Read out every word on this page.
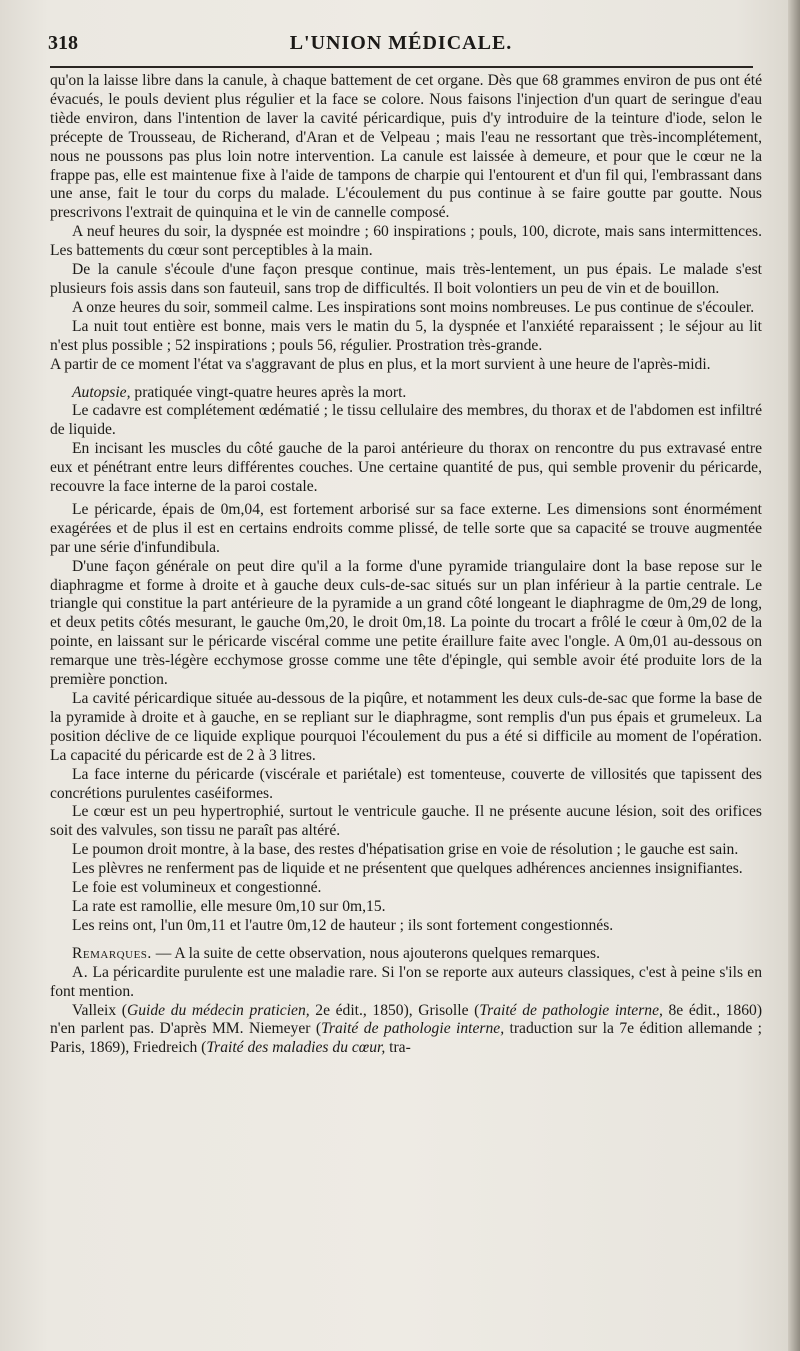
318	L'UNION MÉDICALE.

qu'on la laisse libre dans la canule, à chaque battement de cet organe. Dès que 68 grammes environ de pus ont été évacués, le pouls devient plus régulier et la face se colore. Nous faisons l'injection d'un quart de seringue d'eau tiède environ, dans l'intention de laver la cavité péricardique, puis d'y introduire de la teinture d'iode, selon le précepte de Trousseau, de Richerand, d'Aran et de Velpeau ; mais l'eau ne ressortant que très-incomplétement, nous ne poussons pas plus loin notre intervention. La canule est laissée à demeure, et pour que le cœur ne la frappe pas, elle est maintenue fixe à l'aide de tampons de charpie qui l'entourent et d'un fil qui, l'embrassant dans une anse, fait le tour du corps du malade. L'écoulement du pus continue à se faire goutte par goutte. Nous prescrivons l'extrait de quinquina et le vin de cannelle composé.

A neuf heures du soir, la dyspnée est moindre ; 60 inspirations ; pouls, 100, dicrote, mais sans intermittences. Les battements du cœur sont perceptibles à la main.

De la canule s'écoule d'une façon presque continue, mais très-lentement, un pus épais. Le malade s'est plusieurs fois assis dans son fauteuil, sans trop de difficultés. Il boit volontiers un peu de vin et de bouillon.

A onze heures du soir, sommeil calme. Les inspirations sont moins nombreuses. Le pus continue de s'écouler.

La nuit tout entière est bonne, mais vers le matin du 5, la dyspnée et l'anxiété reparaissent ; le séjour au lit n'est plus possible ; 52 inspirations ; pouls 56, régulier. Prostration très-grande.

A partir de ce moment l'état va s'aggravant de plus en plus, et la mort survient à une heure de l'après-midi.

Autopsie, pratiquée vingt-quatre heures après la mort.

Le cadavre est complétement œdématié ; le tissu cellulaire des membres, du thorax et de l'abdomen est infiltré de liquide.

En incisant les muscles du côté gauche de la paroi antérieure du thorax on rencontre du pus extravasé entre eux et pénétrant entre leurs différentes couches. Une certaine quantité de pus, qui semble provenir du péricarde, recouvre la face interne de la paroi costale.

Le péricarde, épais de 0m,04, est fortement arborisé sur sa face externe. Les dimensions sont énormément exagérées et de plus il est en certains endroits comme plissé, de telle sorte que sa capacité se trouve augmentée par une série d'infundibula.

D'une façon générale on peut dire qu'il a la forme d'une pyramide triangulaire dont la base repose sur le diaphragme et forme à droite et à gauche deux culs-de-sac situés sur un plan inférieur à la partie centrale. Le triangle qui constitue la part antérieure de la pyramide a un grand côté longeant le diaphragme de 0m,29 de long, et deux petits côtés mesurant, le gauche 0m,20, le droit 0m,18. La pointe du trocart a frôlé le cœur à 0m,02 de la pointe, en laissant sur le péricarde viscéral comme une petite éraillure faite avec l'ongle. A 0m,01 au-dessous on remarque une très-légère ecchymose grosse comme une tête d'épingle, qui semble avoir été produite lors de la première ponction.

La cavité péricardique située au-dessous de la piqûre, et notamment les deux culs-de-sac que forme la base de la pyramide à droite et à gauche, en se repliant sur le diaphragme, sont remplis d'un pus épais et grumeleux. La position déclive de ce liquide explique pourquoi l'écoulement du pus a été si difficile au moment de l'opération. La capacité du péricarde est de 2 à 3 litres.

La face interne du péricarde (viscérale et pariétale) est tomenteuse, couverte de villosités que tapissent des concrétions purulentes caséiformes.

Le cœur est un peu hypertrophié, surtout le ventricule gauche. Il ne présente aucune lésion, soit des orifices soit des valvules, son tissu ne paraît pas altéré.

Le poumon droit montre, à la base, des restes d'hépatisation grise en voie de résolution ; le gauche est sain.

Les plèvres ne renferment pas de liquide et ne présentent que quelques adhérences anciennes insignifiantes.

Le foie est volumineux et congestionné.

La rate est ramollie, elle mesure 0m,10 sur 0m,15.

Les reins ont, l'un 0m,11 et l'autre 0m,12 de hauteur ; ils sont fortement congestionnés.

Remarques. — A la suite de cette observation, nous ajouterons quelques remarques.

A. La péricardite purulente est une maladie rare. Si l'on se reporte aux auteurs classiques, c'est à peine s'ils en font mention.

Valleix (Guide du médecin praticien, 2e édit., 1850), Grisolle (Traité de pathologie interne, 8e édit., 1860) n'en parlent pas. D'après MM. Niemeyer (Traité de pathologie interne, traduction sur la 7e édition allemande ; Paris, 1869), Friedreich (Traité des maladies du cœur, tra-
